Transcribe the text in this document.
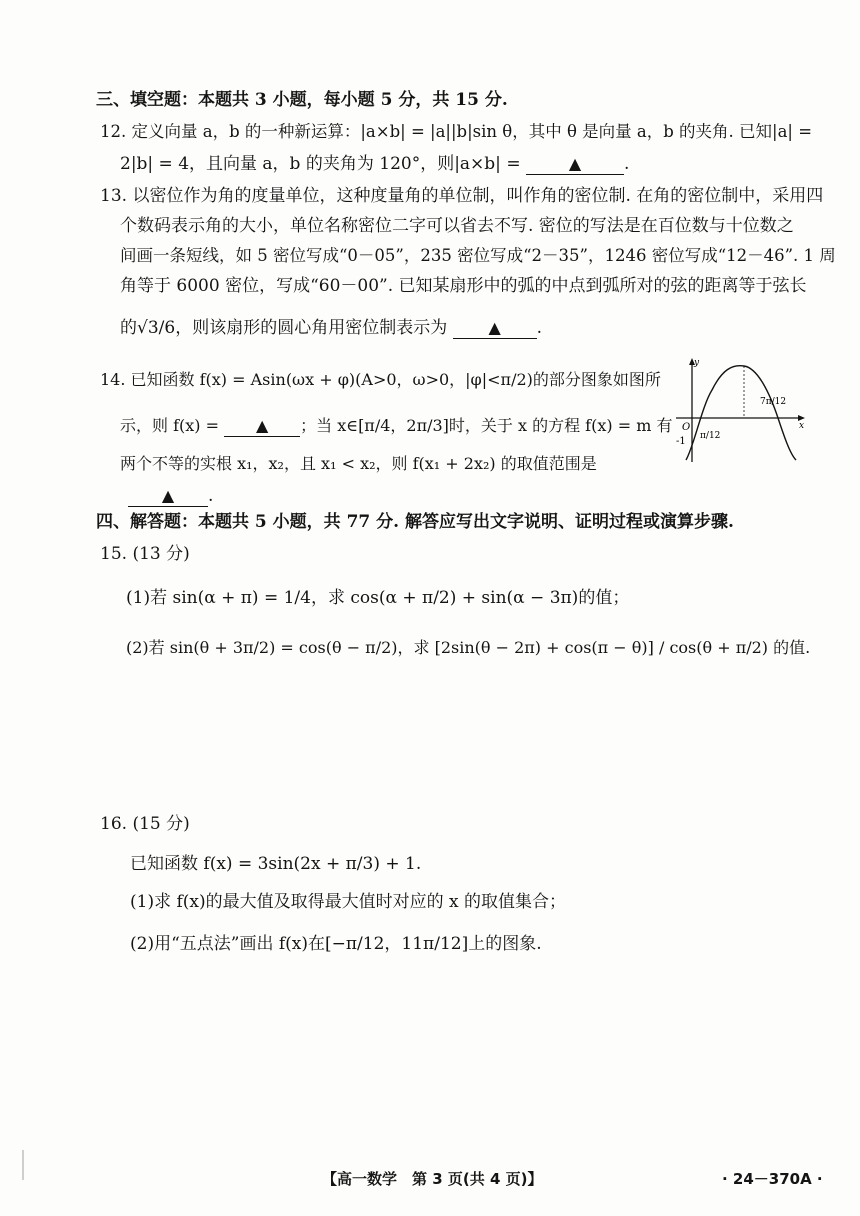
三、填空题：本题共 3 小题，每小题 5 分，共 15 分.
12. 定义向量 a，b 的一种新运算：|a×b| = |a||b|sin θ，其中 θ 是向量 a，b 的夹角. 已知|a| =
2|b| = 4，且向量 a，b 的夹角为 120°，则|a×b| =	▲	.
13. 以密位作为角的度量单位，这种度量角的单位制，叫作角的密位制. 在角的密位制中，采用四
个数码表示角的大小，单位名称密位二字可以省去不写. 密位的写法是在百位数与十位数之
间画一条短线，如 5 密位写成“0－05”，235 密位写成“2－35”，1246 密位写成“12－46”. 1 周
角等于 6000 密位，写成“60－00”. 已知某扇形中的弧的中点到弧所对的弦的距离等于弦长
的√3/6，则该扇形的圆心角用密位制表示为	▲ .
14. 已知函数 f(x) = Asin(ωx + φ)(A>0，ω>0，|φ|<π/2)的部分图象如图所
示，则 f(x) = ▲ ；当 x∈[π/4，2π/3]时，关于 x 的方程 f(x) = m 有
两个不等的实根 x₁，x₂，且 x₁ < x₂，则 f(x₁ + 2x₂) 的取值范围是
▲ .
y
x
O
-1 π/12
7π/12
四、解答题：本题共 5 小题，共 77 分. 解答应写出文字说明、证明过程或演算步骤.
15. (13 分)
(1)若 sin(α + π) = 1/4，求 cos(α + π/2) + sin(α − 3π)的值；
(2)若 sin(θ + 3π/2) = cos(θ − π/2)，求 [2sin(θ − 2π) + cos(π − θ)] / cos(θ + π/2) 的值.
16. (15 分)
已知函数 f(x) = 3sin(2x + π/3) + 1.
(1)求 f(x)的最大值及取得最大值时对应的 x 的取值集合；
(2)用“五点法”画出 f(x)在[−π/12，11π/12]上的图象.
【高一数学　第 3 页(共 4 页)】	· 24－370A ·
